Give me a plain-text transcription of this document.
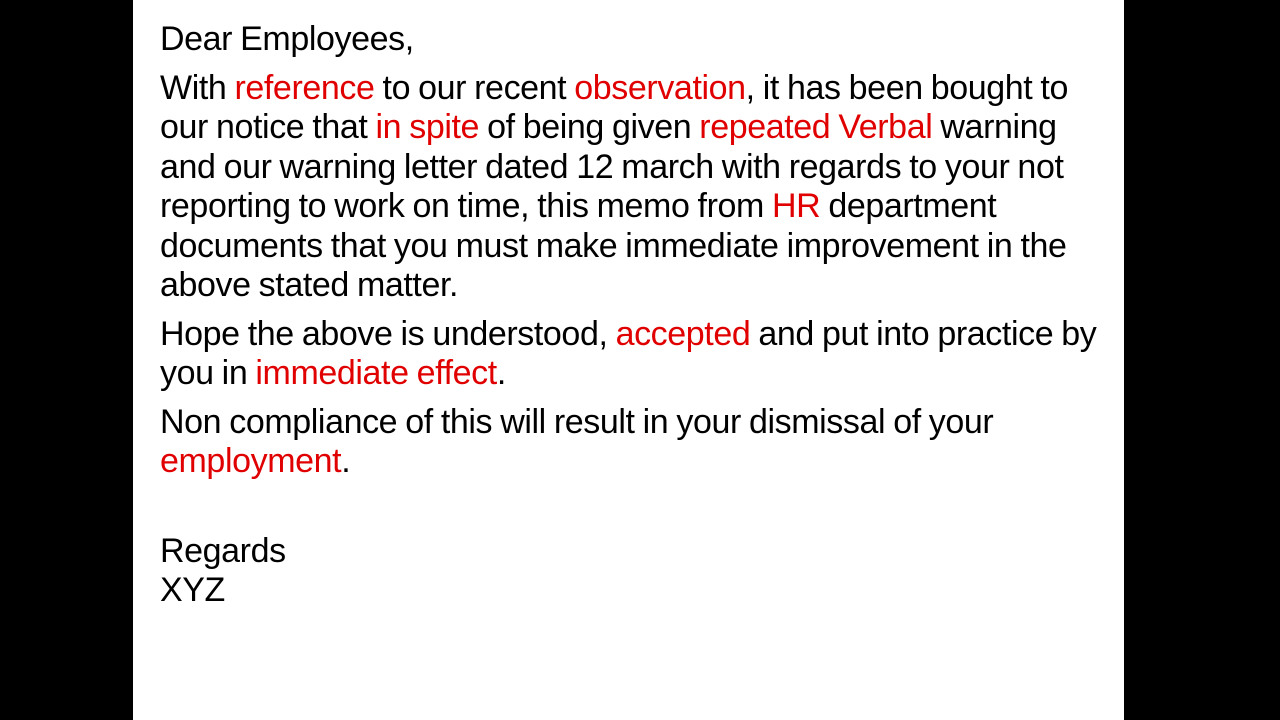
Dear Employees,

With reference to our recent observation, it has been bought to our notice that in spite of being given repeated Verbal warning and our warning letter dated 12 march with regards to your not reporting to work on time, this memo from HR department documents that you must make immediate improvement in the above stated matter.

Hope the above is understood, accepted and put into practice by you in immediate effect.

Non compliance of this will result in your dismissal of your employment.

Regards

XYZ
